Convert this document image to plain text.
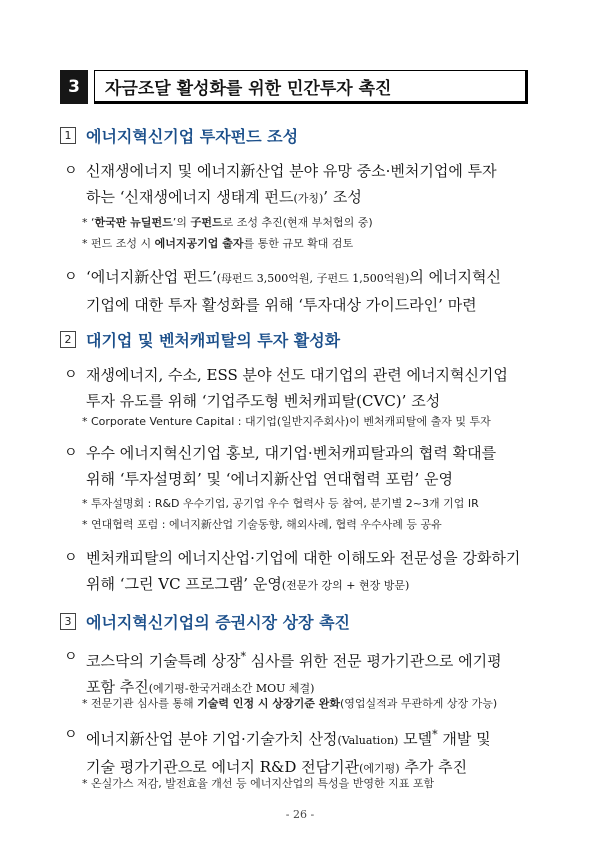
3	자금조달 활성화를 위한 민간투자 촉진
1 에너지혁신기업 투자펀드 조성
ㅇ 신재생에너지 및 에너지新산업 분야 유망 중소·벤처기업에 투자
하는 ‘신재생에너지 생태계 펀드(가칭)’ 조성
* ‘한국판 뉴딜펀드’의 子펀드로 조성 추진(현재 부처협의 중)
* 펀드 조성 시 에너지공기업 출자를 통한 규모 확대 검토
ㅇ ‘에너지新산업 펀드’(母펀드 3,500억원, 子펀드 1,500억원)의 에너지혁신
기업에 대한 투자 활성화를 위해 ‘투자대상 가이드라인’ 마련
2 대기업 및 벤처캐피탈의 투자 활성화
ㅇ 재생에너지, 수소, ESS 분야 선도 대기업의 관련 에너지혁신기업
투자 유도를 위해 ‘기업주도형 벤처캐피탈(CVC)’ 조성
* Corporate Venture Capital : 대기업(일반지주회사)이 벤처캐피탈에 출자 및 투자
ㅇ 우수 에너지혁신기업 홍보, 대기업·벤처캐피탈과의 협력 확대를
위해 ‘투자설명회’ 및 ‘에너지新산업 연대협력 포럼’ 운영
* 투자설명회 : R&D 우수기업, 공기업 우수 협력사 등 참여, 분기별 2~3개 기업 IR
* 연대협력 포럼 : 에너지新산업 기술동향, 해외사례, 협력 우수사례 등 공유
ㅇ 벤처캐피탈의 에너지산업·기업에 대한 이해도와 전문성을 강화하기
위해 ‘그린 VC 프로그램’ 운영(전문가 강의 + 현장 방문)
3 에너지혁신기업의 증권시장 상장 촉진
ㅇ 코스닥의 기술특례 상장* 심사를 위한 전문 평가기관으로 에기평
포함 추진(에기평-한국거래소간 MOU 체결)
* 전문기관 심사를 통해 기술력 인정 시 상장기준 완화(영업실적과 무관하게 상장 가능)
ㅇ 에너지新산업 분야 기업·기술가치 산정(Valuation) 모델* 개발 및
기술 평가기관으로 에너지 R&D 전담기관(에기평) 추가 추진
* 온실가스 저감, 발전효율 개선 등 에너지산업의 특성을 반영한 지표 포함
- 26 -
